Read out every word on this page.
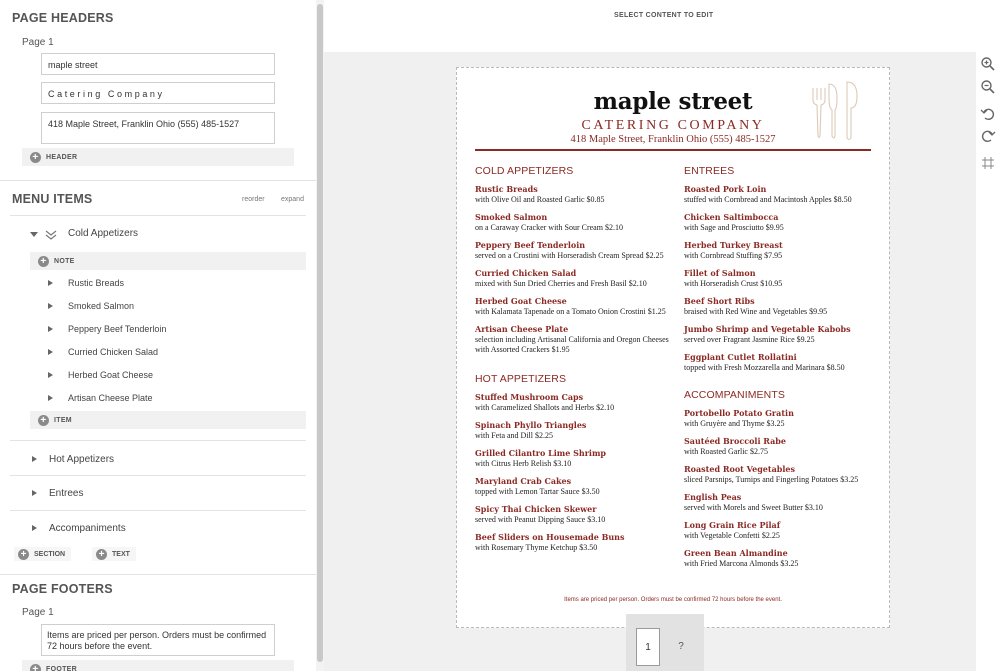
PAGE HEADERS
Page 1
maple street
Catering Company
418 Maple Street, Franklin Ohio (555) 485-1527
+	HEADER
MENU ITEMS	reorder expand
Cold Appetizers
+	NOTE
Rustic Breads
Smoked Salmon
Peppery Beef Tenderloin
Curried Chicken Salad
Herbed Goat Cheese
Artisan Cheese Plate
+	ITEM
Hot Appetizers
Entrees
Accompaniments
+	SECTION	+	TEXT
PAGE FOOTERS
Page 1
Items are priced per person. Orders must be confirmed 72 hours before the event.
+	FOOTER
SELECT CONTENT TO EDIT
maple street
CATERING COMPANY
418 Maple Street, Franklin Ohio (555) 485-1527
COLD APPETIZERS
Rustic Breads
with Olive Oil and Roasted Garlic $0.85
Smoked Salmon
on a Caraway Cracker with Sour Cream $2.10
Peppery Beef Tenderloin
served on a Crostini with Horseradish Cream Spread $2.25
Curried Chicken Salad
mixed with Sun Dried Cherries and Fresh Basil $2.10
Herbed Goat Cheese
with Kalamata Tapenade on a Tomato Onion Crostini $1.25
Artisan Cheese Plate
selection including Artisanal California and Oregon Cheeses with Assorted Crackers $1.95
HOT APPETIZERS
Stuffed Mushroom Caps
with Caramelized Shallots and Herbs $2.10
Spinach Phyllo Triangles
with Feta and Dill $2.25
Grilled Cilantro Lime Shrimp
with Citrus Herb Relish $3.10
Maryland Crab Cakes
topped with Lemon Tartar Sauce $3.50
Spicy Thai Chicken Skewer
served with Peanut Dipping Sauce $3.10
Beef Sliders on Housemade Buns
with Rosemary Thyme Ketchup $3.50
ENTREES
Roasted Pork Loin
stuffed with Cornbread and Macintosh Apples $8.50
Chicken Saltimbocca
with Sage and Prosciutto $9.95
Herbed Turkey Breast
with Cornbread Stuffing $7.95
Fillet of Salmon
with Horseradish Crust $10.95
Beef Short Ribs
braised with Red Wine and Vegetables $9.95
Jumbo Shrimp and Vegetable Kabobs
served over Fragrant Jasmine Rice $9.25
Eggplant Cutlet Rollatini
topped with Fresh Mozzarella and Marinara $8.50
ACCOMPANIMENTS
Portobello Potato Gratin
with Gruyère and Thyme $3.25
Sautéed Broccoli Rabe
with Roasted Garlic $2.75
Roasted Root Vegetables
sliced Parsnips, Turnips and Fingerling Potatoes $3.25
English Peas
served with Morels and Sweet Butter $3.10
Long Grain Rice Pilaf
with Vegetable Confetti $2.25
Green Bean Almandine
with Fried Marcona Almonds $3.25
Items are priced per person. Orders must be confirmed 72 hours before the event.
1	?
